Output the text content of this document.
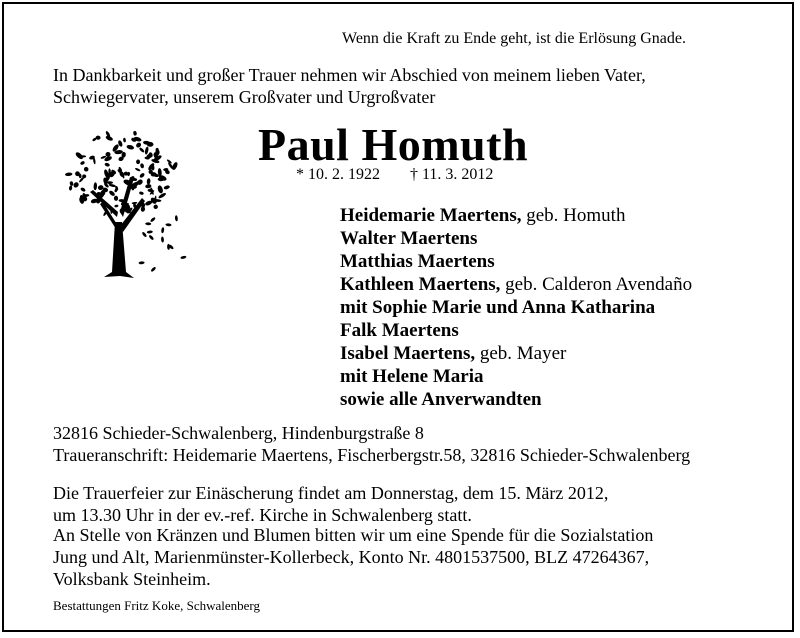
Wenn die Kraft zu Ende geht, ist die Erlösung Gnade.
In Dankbarkeit und großer Trauer nehmen wir Abschied von meinem lieben Vater,
Schwiegervater, unserem Großvater und Urgroßvater
Paul Homuth
* 10. 2. 1922 † 11. 3. 2012
Heidemarie Maertens, geb. Homuth
Walter Maertens
Matthias Maertens
Kathleen Maertens, geb. Calderon Avendaño
mit Sophie Marie und Anna Katharina
Falk Maertens
Isabel Maertens, geb. Mayer
mit Helene Maria
sowie alle Anverwandten
32816 Schieder-Schwalenberg, Hindenburgstraße 8
Traueranschrift: Heidemarie Maertens, Fischerbergstr.58, 32816 Schieder-Schwalenberg
Die Trauerfeier zur Einäscherung findet am Donnerstag, dem 15. März 2012,
um 13.30 Uhr in der ev.-ref. Kirche in Schwalenberg statt.
An Stelle von Kränzen und Blumen bitten wir um eine Spende für die Sozialstation
Jung und Alt, Marienmünster-Kollerbeck, Konto Nr. 4801537500, BLZ 47264367,
Volksbank Steinheim.
Bestattungen Fritz Koke, Schwalenberg
